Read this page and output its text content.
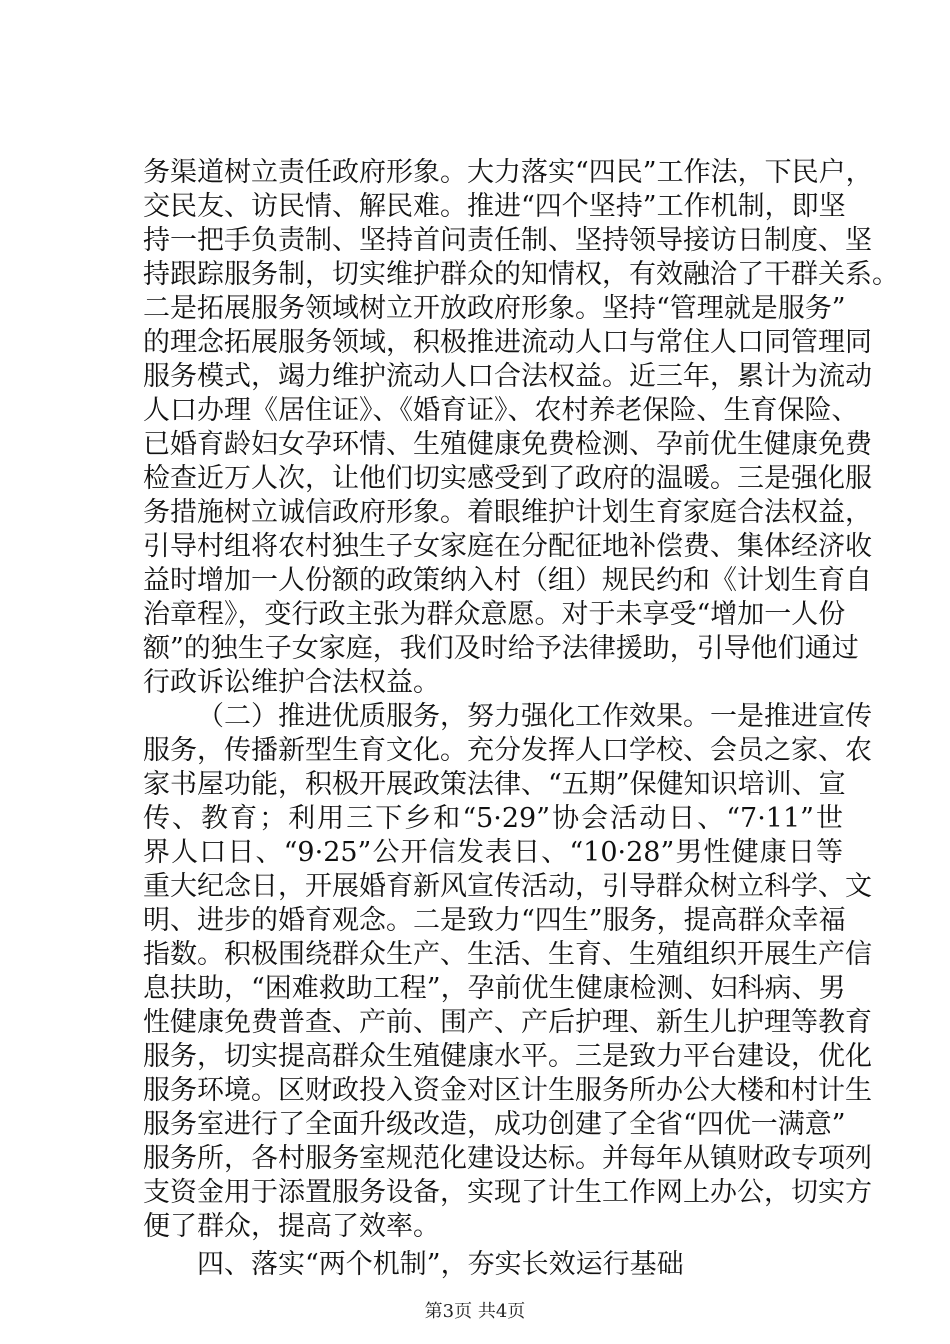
务渠道树立责任政府形象。大力落实“四民”工作法，下民户，
交民友、访民情、解民难。推进“四个坚持”工作机制，即坚
持一把手负责制、坚持首问责任制、坚持领导接访日制度、坚
持跟踪服务制，切实维护群众的知情权，有效融洽了干群关系。
二是拓展服务领域树立开放政府形象。坚持“管理就是服务”
的理念拓展服务领域，积极推进流动人口与常住人口同管理同
服务模式，竭力维护流动人口合法权益。近三年，累计为流动
人口办理《居住证》、《婚育证》、农村养老保险、生育保险、
已婚育龄妇女孕环情、生殖健康免费检测、孕前优生健康免费
检查近万人次，让他们切实感受到了政府的温暖。三是强化服
务措施树立诚信政府形象。着眼维护计划生育家庭合法权益，
引导村组将农村独生子女家庭在分配征地补偿费、集体经济收
益时增加一人份额的政策纳入村（组）规民约和《计划生育自
治章程》，变行政主张为群众意愿。对于未享受“增加一人份
额”的独生子女家庭，我们及时给予法律援助，引导他们通过
行政诉讼维护合法权益。
（二）推进优质服务，努力强化工作效果。一是推进宣传
服务，传播新型生育文化。充分发挥人口学校、会员之家、农
家书屋功能，积极开展政策法律、“五期”保健知识培训、宣
传、教育；利用三下乡和“5·29”协会活动日、“7·11”世
界人口日、“9·25”公开信发表日、“10·28”男性健康日等
重大纪念日，开展婚育新风宣传活动，引导群众树立科学、文
明、进步的婚育观念。二是致力“四生”服务，提高群众幸福
指数。积极围绕群众生产、生活、生育、生殖组织开展生产信
息扶助，“困难救助工程”，孕前优生健康检测、妇科病、男
性健康免费普查、产前、围产、产后护理、新生儿护理等教育
服务，切实提高群众生殖健康水平。三是致力平台建设，优化
服务环境。区财政投入资金对区计生服务所办公大楼和村计生
服务室进行了全面升级改造，成功创建了全省“四优一满意”
服务所，各村服务室规范化建设达标。并每年从镇财政专项列
支资金用于添置服务设备，实现了计生工作网上办公，切实方
便了群众，提高了效率。
四、落实“两个机制”，夯实长效运行基础
第3页 共4页
